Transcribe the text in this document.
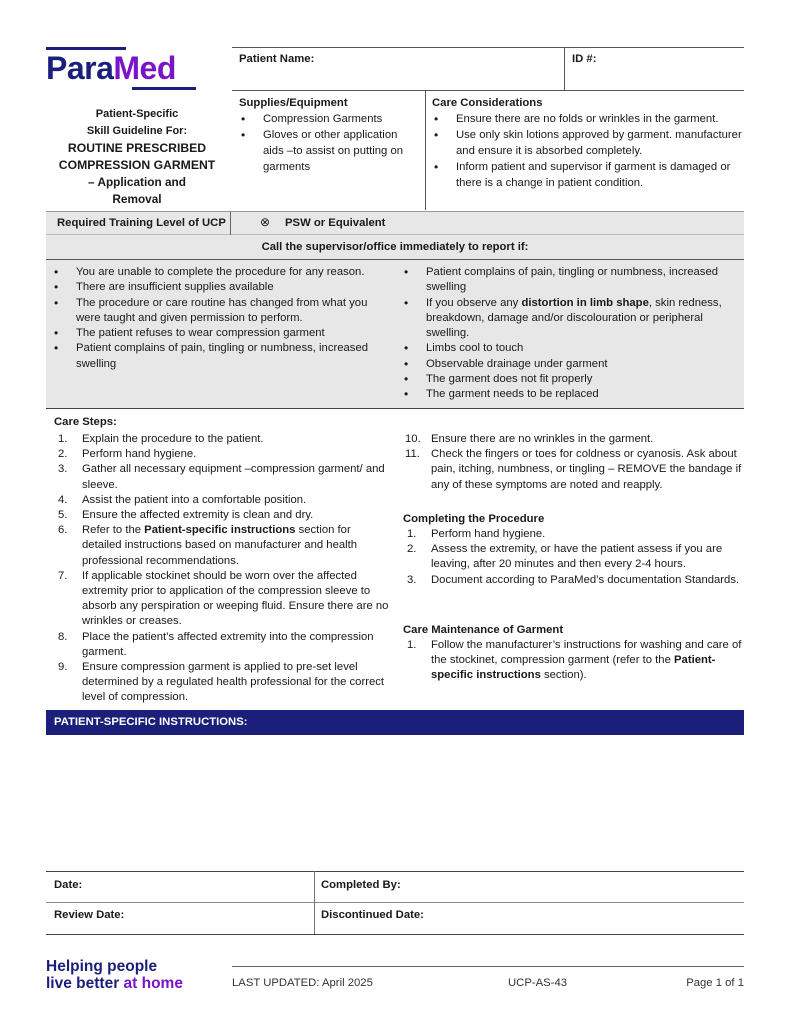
ParaMed
Patient-Specific
Skill Guideline For:
ROUTINE PRESCRIBED
COMPRESSION GARMENT
– Application and
Removal
Patient Name:	ID #:
Supplies/Equipment
• Compression Garments
• Gloves or other application aids –to assist on putting on garments
Care Considerations
• Ensure there are no folds or wrinkles in the garment.
• Use only skin lotions approved by garment. manufacturer and ensure it is absorbed completely.
• Inform patient and supervisor if garment is damaged or there is a change in patient condition.
Required Training Level of UCP	⊗ PSW or Equivalent
Call the supervisor/office immediately to report if:
• You are unable to complete the procedure for any reason.
• There are insufficient supplies available
• The procedure or care routine has changed from what you were taught and given permission to perform.
• The patient refuses to wear compression garment
• Patient complains of pain, tingling or numbness, increased swelling
• Patient complains of pain, tingling or numbness, increased swelling
• If you observe any distortion in limb shape, skin redness, breakdown, damage and/or discolouration or peripheral swelling.
• Limbs cool to touch
• Observable drainage under garment
• The garment does not fit properly
• The garment needs to be replaced
Care Steps:
1. Explain the procedure to the patient.
2. Perform hand hygiene.
3. Gather all necessary equipment –compression garment/ and sleeve.
4. Assist the patient into a comfortable position.
5. Ensure the affected extremity is clean and dry.
6. Refer to the Patient-specific instructions section for detailed instructions based on manufacturer and health professional recommendations.
7. If applicable stockinet should be worn over the affected extremity prior to application of the compression sleeve to absorb any perspiration or weeping fluid. Ensure there are no wrinkles or creases.
8. Place the patient’s affected extremity into the compression garment.
9. Ensure compression garment is applied to pre-set level determined by a regulated health professional for the correct level of compression.
10. Ensure there are no wrinkles in the garment.
11. Check the fingers or toes for coldness or cyanosis. Ask about pain, itching, numbness, or tingling – REMOVE the bandage if any of these symptoms are noted and reapply.
Completing the Procedure
1. Perform hand hygiene.
2. Assess the extremity, or have the patient assess if you are leaving, after 20 minutes and then every 2-4 hours.
3. Document according to ParaMed’s documentation Standards.
Care Maintenance of Garment
1. Follow the manufacturer’s instructions for washing and care of the stockinet, compression garment (refer to the Patient-specific instructions section).
PATIENT-SPECIFIC INSTRUCTIONS:
Date:	Completed By:
Review Date:	Discontinued Date:
Helping people
live better at home	LAST UPDATED: April 2025	UCP-AS-43	Page 1 of 1
